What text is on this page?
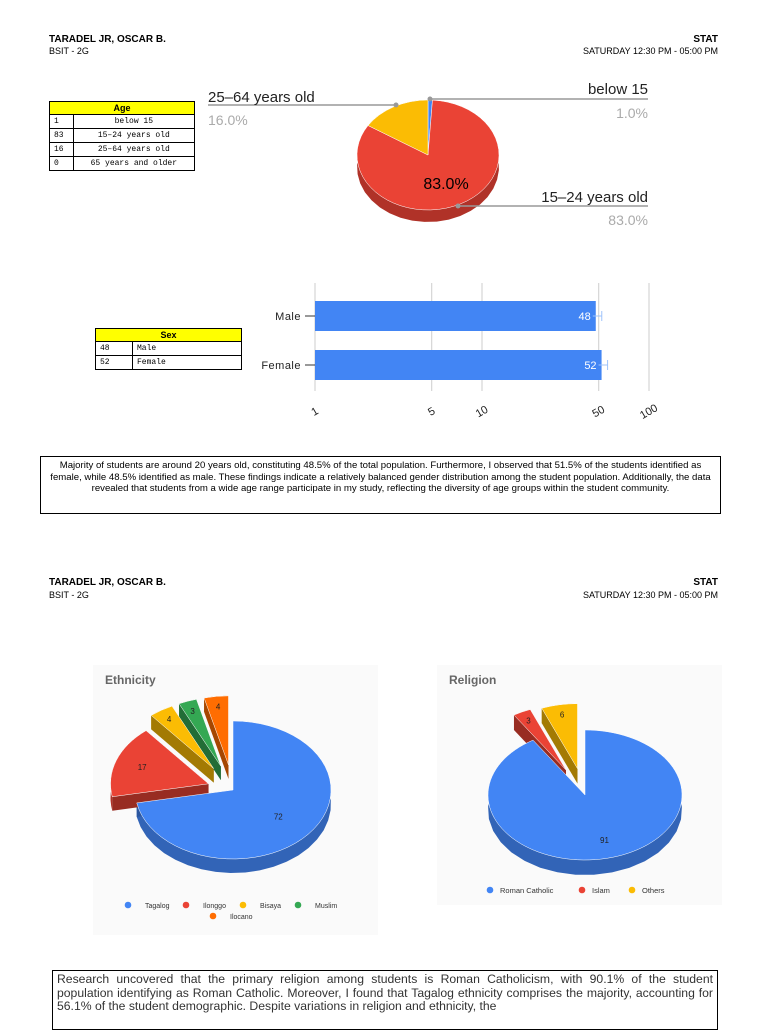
TARADEL JR, OSCAR B.
BSIT - 2G
STAT
SATURDAY 12:30 PM - 05:00 PM
Age	
1	below 15
83	15–24 years old
16	25–64 years old
0	65 years and older
83.0%
25–64 years old
16.0%
below 15
1.0%
15–24 years old
83.0%
Sex	
48	Male
52	Female
Male	48
Female	52
1	5	10	50	100
Majority of students are around 20 years old, constituting 48.5% of the total population. Furthermore, I observed that 51.5% of the students identified as female, while 48.5% identified as male. These findings indicate a relatively balanced gender distribution among the student population. Additionally, the data revealed that students from a wide age range participate in my study, reflecting the diversity of age groups within the student community.
TARADEL JR, OSCAR B.
BSIT - 2G
STAT
SATURDAY 12:30 PM - 05:00 PM
Ethnicity
72
17
4
3	4
Tagalog	Ilonggo	Bisaya	Muslim
Ilocano
Religion
91
3
6
Roman Catholic	Islam	Others
Research uncovered that the primary religion among students is Roman Catholicism, with 90.1% of the student population identifying as Roman Catholic. Moreover, I found that Tagalog ethnicity comprises the majority, accounting for 56.1% of the student demographic. Despite variations in religion and ethnicity, the
